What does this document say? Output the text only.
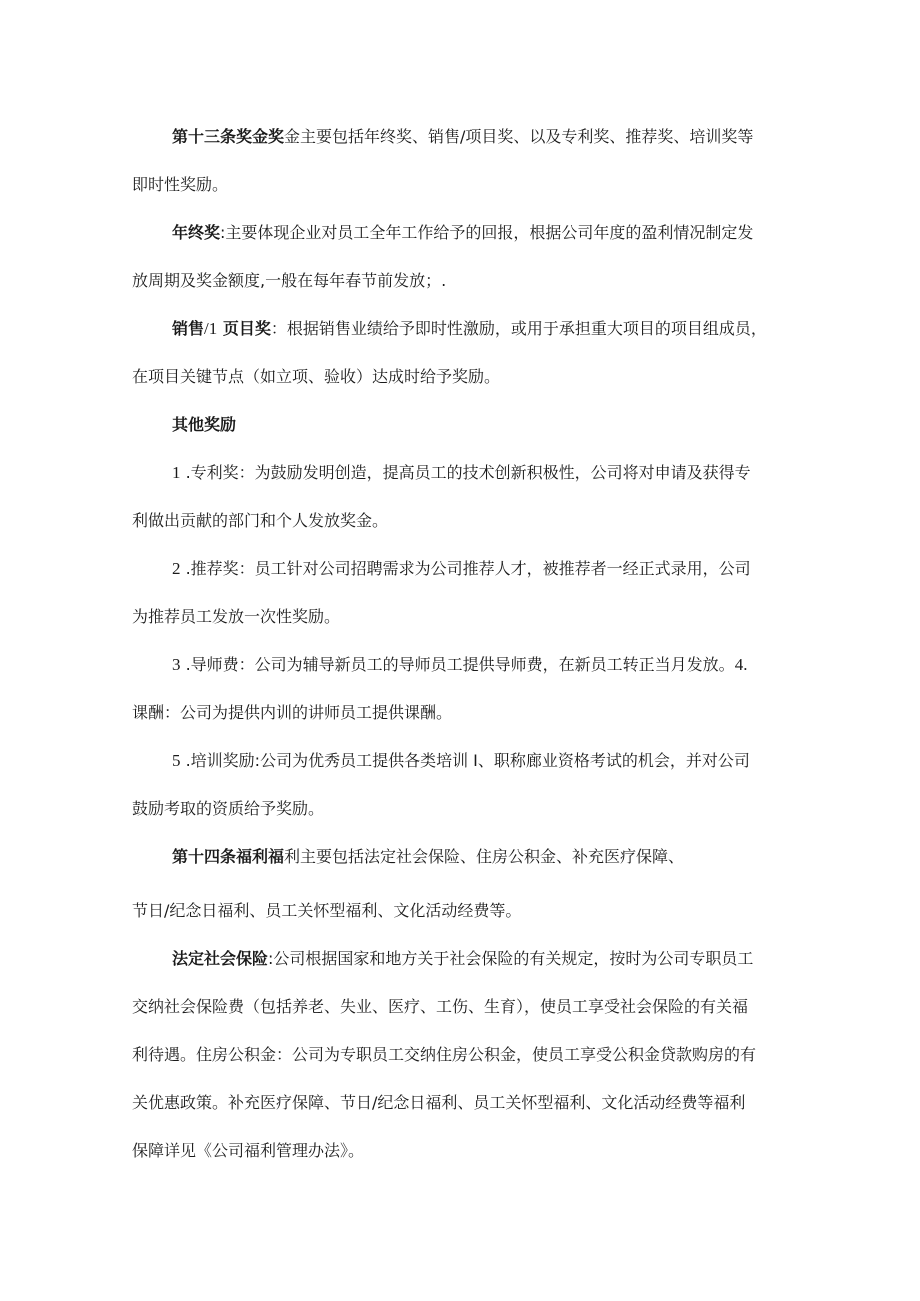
第十三条奖金奖金主要包括年终奖、销售/项目奖、以及专利奖、推荐奖、培训奖等
即时性奖励。

年终奖:主要体现企业对员工全年工作给予的回报，根据公司年度的盈利情况制定发
放周期及奖金额度,一般在每年春节前发放；.

销售/1 页目奖：根据销售业绩给予即时性激励，或用于承担重大项目的项目组成员，
在项目关键节点（如立项、验收）达成时给予奖励。

其他奖励

1 .专利奖：为鼓励发明创造，提高员工的技术创新积极性，公司将对申请及获得专
利做出贡献的部门和个人发放奖金。

2 .推荐奖：员工针对公司招聘需求为公司推荐人才，被推荐者一经正式录用，公司
为推荐员工发放一次性奖励。

3 .导师费：公司为辅导新员工的导师员工提供导师费，在新员工转正当月发放。4.
课酬：公司为提供内训的讲师员工提供课酬。

5 .培训奖励:公司为优秀员工提供各类培训 I、职称廊业资格考试的机会，并对公司
鼓励考取的资质给予奖励。

第十四条福利福利主要包括法定社会保险、住房公积金、补充医疗保障、
节日/纪念日福利、员工关怀型福利、文化活动经费等。

法定社会保险:公司根据国家和地方关于社会保险的有关规定，按时为公司专职员工
交纳社会保险费（包括养老、失业、医疗、工伤、生育），使员工享受社会保险的有关福
利待遇。住房公积金：公司为专职员工交纳住房公积金，使员工享受公积金贷款购房的有
关优惠政策。补充医疗保障、节日/纪念日福利、员工关怀型福利、文化活动经费等福利
保障详见《公司福利管理办法》。
